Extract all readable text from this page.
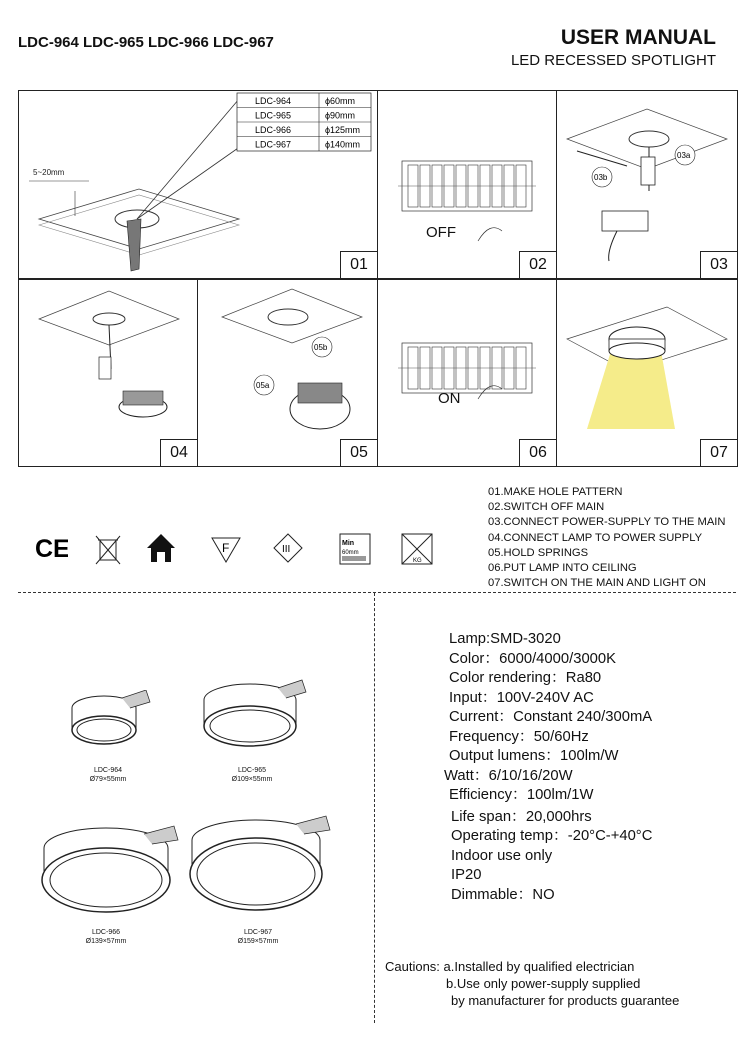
LDC-964 LDC-965 LDC-966 LDC-967	USER MANUAL
LED RECESSED SPOTLIGHT
5~20mm
LDC-964	ϕ60mm
LDC-965	ϕ90mm
LDC-966	ϕ125mm
LDC-967	ϕ140mm
01
OFF
02
03b
03a
03
04
05b
05a
05
ON
06	07
CE	F	III
Min
60mm
KG
01.MAKE HOLE PATTERN
02.SWITCH OFF MAIN
03.CONNECT POWER-SUPPLY TO THE MAIN
04.CONNECT LAMP TO POWER SUPPLY
05.HOLD SPRINGS
06.PUT LAMP INTO CEILING
07.SWITCH ON THE MAIN AND LIGHT ON
LDC-964
Ø79×55mm
LDC-965
Ø109×55mm
LDC-966
Ø139×57mm
LDC-967
Ø159×57mm
Lamp:SMD-3020
Color：6000/4000/3000K
Color rendering：Ra80
Input：100V-240V AC
Current：Constant 240/300mA
Frequency：50/60Hz
Output lumens：100lm/W
Watt：6/10/16/20W
Efficiency：100lm/1W
Life span：20,000hrs
Operating temp：-20°C-+40°C
Indoor use only
IP20
Dimmable：NO
Cautions: a.Installed by qualified electrician
b.Use only power-supply supplied
by manufacturer for products guarantee
